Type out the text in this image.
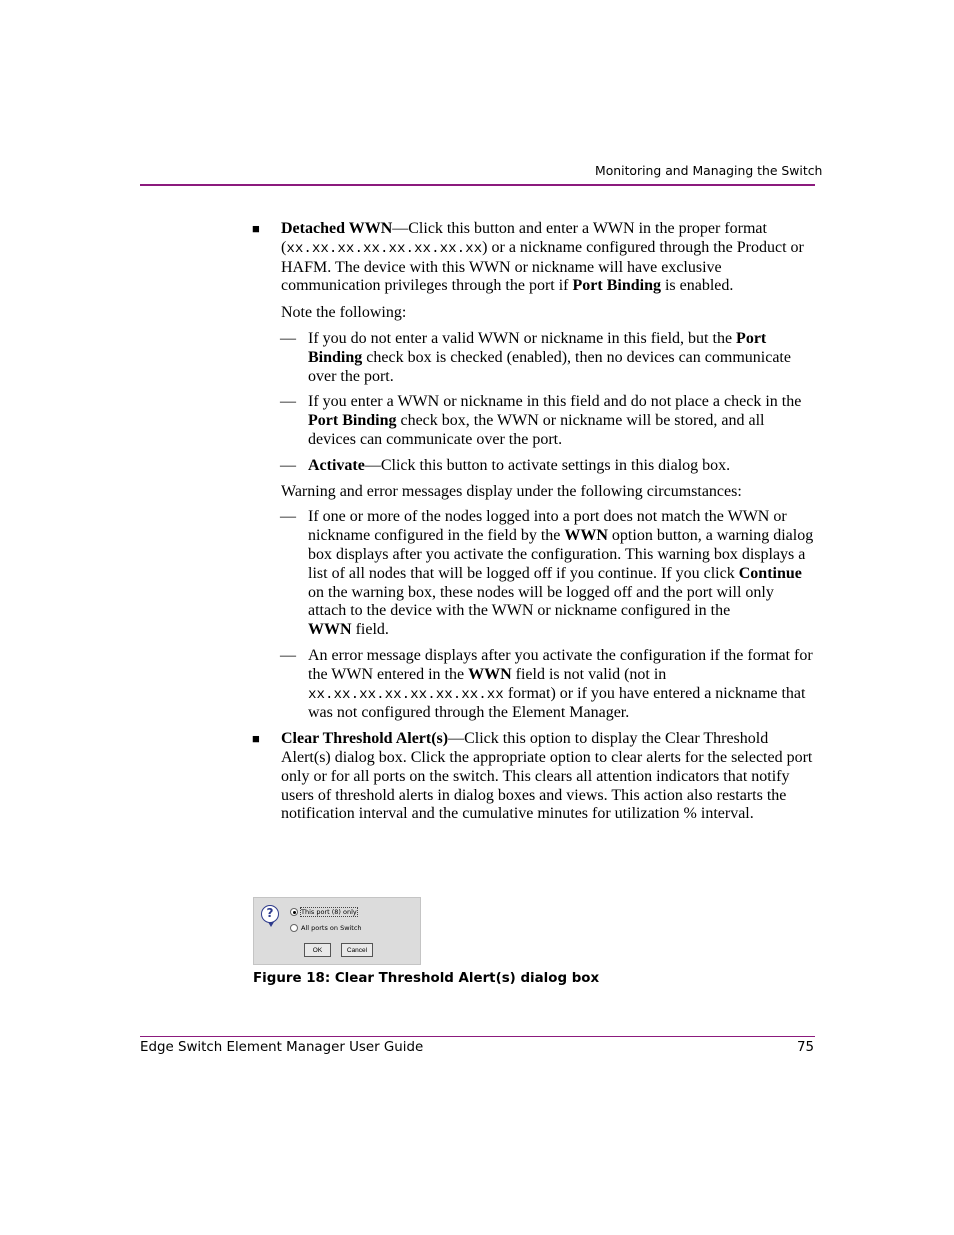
Monitoring and Managing the Switch
■ Detached WWN—Click this button and enter a WWN in the proper format (xx.xx.xx.xx.xx.xx.xx.xx) or a nickname configured through the Product or HAFM. The device with this WWN or nickname will have exclusive communication privileges through the port if Port Binding is enabled.
Note the following:
— If you do not enter a valid WWN or nickname in this field, but the Port Binding check box is checked (enabled), then no devices can communicate over the port.
— If you enter a WWN or nickname in this field and do not place a check in the Port Binding check box, the WWN or nickname will be stored, and all devices can communicate over the port.
— Activate—Click this button to activate settings in this dialog box.
Warning and error messages display under the following circumstances:
— If one or more of the nodes logged into a port does not match the WWN or nickname configured in the field by the WWN option button, a warning dialog box displays after you activate the configuration. This warning box displays a list of all nodes that will be logged off if you continue. If you click Continue on the warning box, these nodes will be logged off and the port will only attach to the device with the WWN or nickname configured in the
WWN field.
— An error message displays after you activate the configuration if the format for the WWN entered in the WWN field is not valid (not in xx.xx.xx.xx.xx.xx.xx.xx format) or if you have entered a nickname that was not configured through the Element Manager.
■ Clear Threshold Alert(s)—Click this option to display the Clear Threshold Alert(s) dialog box. Click the appropriate option to clear alerts for the selected port only or for all ports on the switch. This clears all attention indicators that notify users of threshold alerts in dialog boxes and views. This action also restarts the notification interval and the cumulative minutes for utilization % interval.
?	This port (8) only
All ports on Switch
OK	Cancel
Figure 18: Clear Threshold Alert(s) dialog box
Edge Switch Element Manager User Guide	75
